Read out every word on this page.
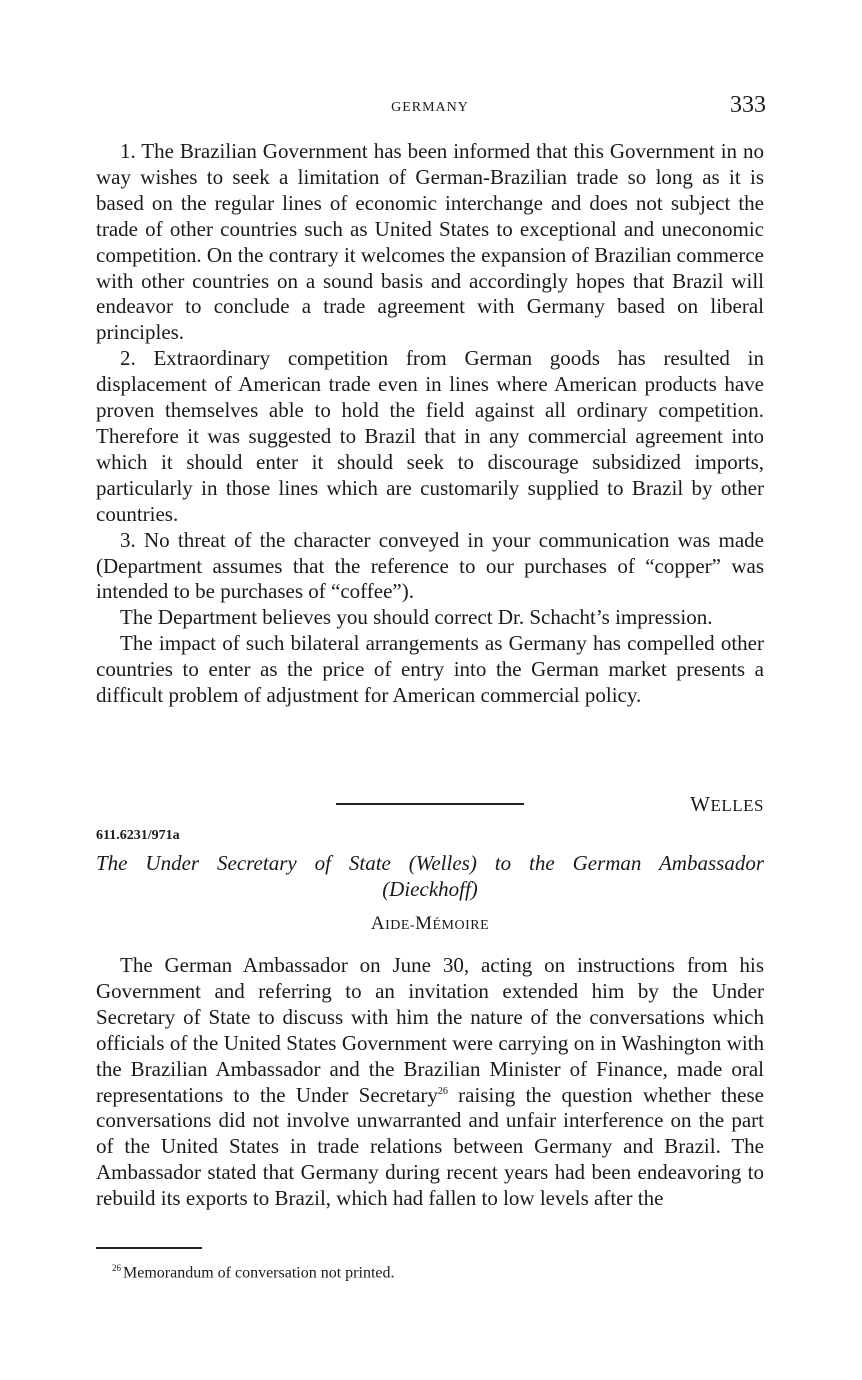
GERMANY	333

1. The Brazilian Government has been informed that this Government in no way wishes to seek a limitation of German-Brazilian trade so long as it is based on the regular lines of economic interchange and does not subject the trade of other countries such as United States to exceptional and uneconomic competition. On the contrary it welcomes the expansion of Brazilian commerce with other countries on a sound basis and accordingly hopes that Brazil will endeavor to conclude a trade agreement with Germany based on liberal principles.

2. Extraordinary competition from German goods has resulted in displacement of American trade even in lines where American products have proven themselves able to hold the field against all ordinary competition. Therefore it was suggested to Brazil that in any commercial agreement into which it should enter it should seek to discourage subsidized imports, particularly in those lines which are customarily supplied to Brazil by other countries.

3. No threat of the character conveyed in your communication was made (Department assumes that the reference to our purchases of “copper” was intended to be purchases of “coffee”).

The Department believes you should correct Dr. Schacht’s impression.

The impact of such bilateral arrangements as Germany has compelled other countries to enter as the price of entry into the German market presents a difficult problem of adjustment for American commercial policy.

WELLES
611.6231/971a
The Under Secretary of State (Welles) to the German Ambassador
(Dieckhoff)
AIDE-MÉMOIRE

The German Ambassador on June 30, acting on instructions from his Government and referring to an invitation extended him by the Under Secretary of State to discuss with him the nature of the conversations which officials of the United States Government were carrying on in Washington with the Brazilian Ambassador and the Brazilian Minister of Finance, made oral representations to the Under Secretary$^{26}$ raising the question whether these conversations did not involve unwarranted and unfair interference on the part of the United States in trade relations between Germany and Brazil. The Ambassador stated that Germany during recent years had been endeavoring to rebuild its exports to Brazil, which had fallen to low levels after the

$^{26}$ Memorandum of conversation not printed.
